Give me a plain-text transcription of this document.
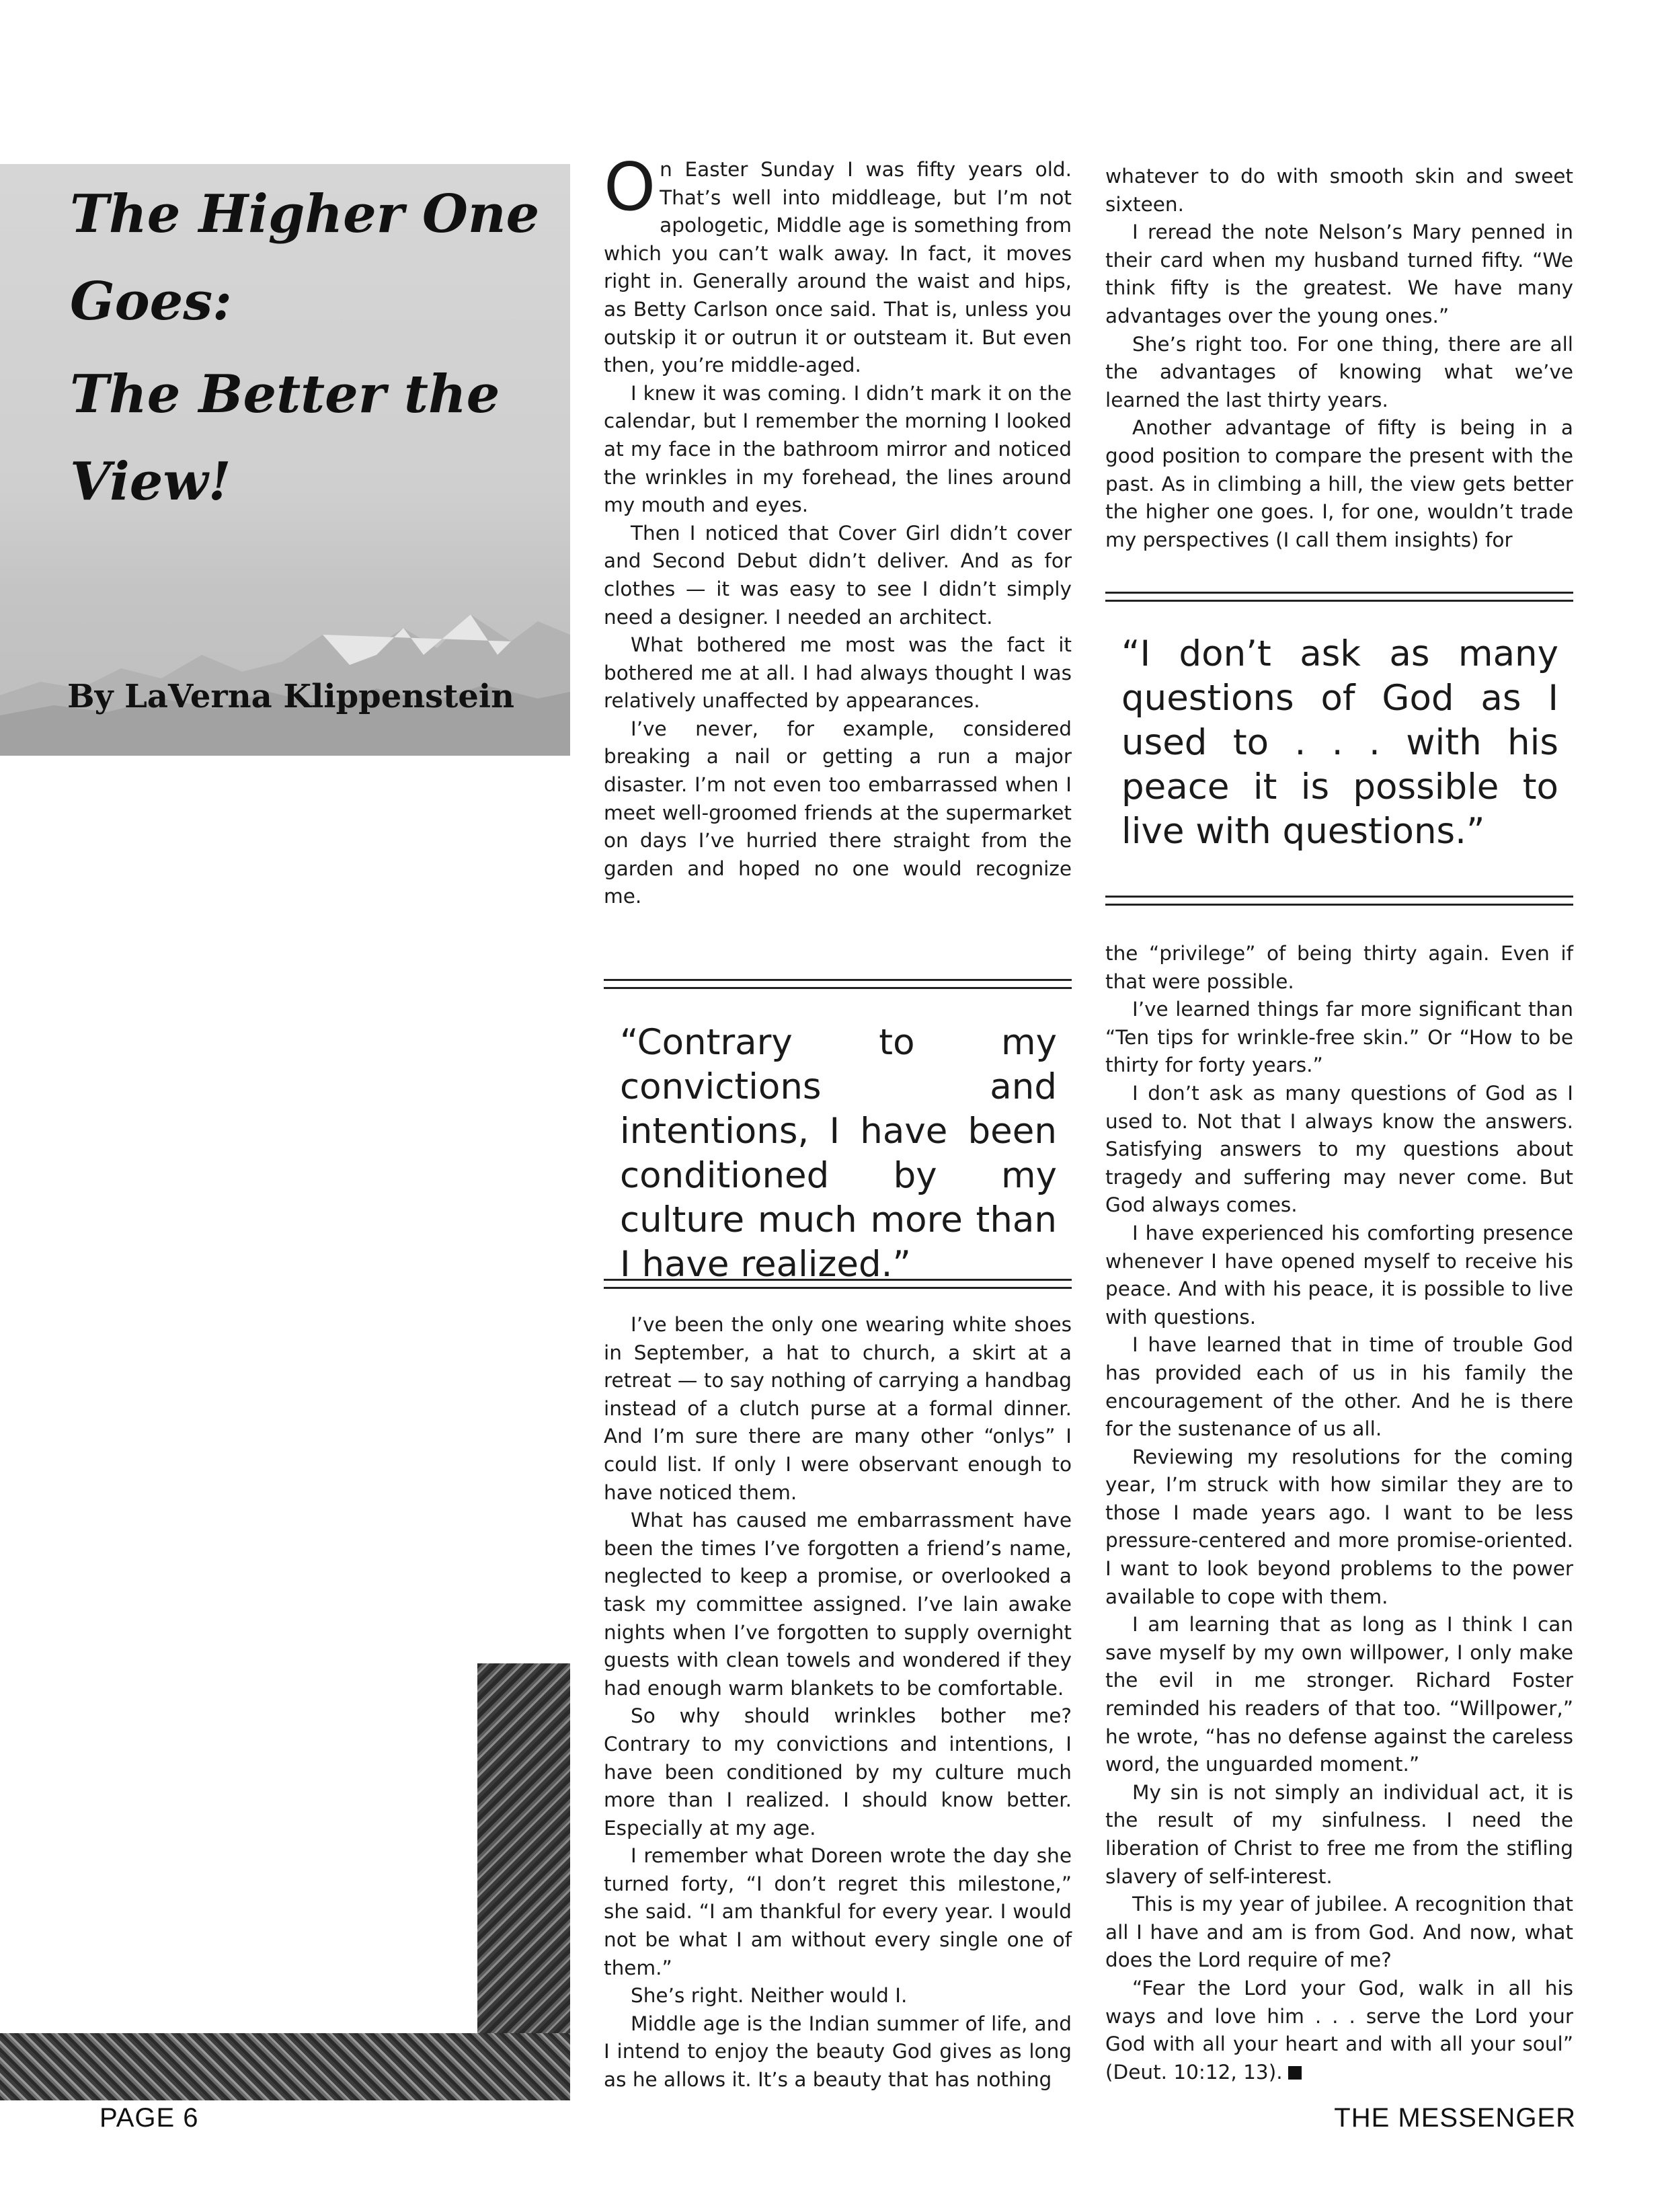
The Higher One
Goes:
The Better the
View!
By LaVerna Klippenstein
O n Easter Sunday I was fifty years old. That’s well into middleage, but I’m not apologetic, Middle age is something from which you can’t walk away. In fact, it moves right in. Generally around the waist and hips, as Betty Carlson once said. That is, unless you outskip it or outrun it or outsteam it. But even then, you’re middle-aged.

I knew it was coming. I didn’t mark it on the calendar, but I remember the morning I looked at my face in the bathroom mirror and noticed the wrinkles in my forehead, the lines around my mouth and eyes.

Then I noticed that Cover Girl didn’t cover and Second Debut didn’t deliver. And as for clothes — it was easy to see I didn’t simply need a designer. I needed an architect.

What bothered me most was the fact it bothered me at all. I had always thought I was relatively unaffected by appearances.

I’ve never, for example, considered breaking a nail or getting a run a major disaster. I’m not even too embarrassed when I meet well-groomed friends at the supermarket on days I’ve hurried there straight from the garden and hoped no one would recognize me.

“Contrary to my convictions and intentions, I have been conditioned by my culture much more than I have realized.”

I’ve been the only one wearing white shoes in September, a hat to church, a skirt at a retreat — to say nothing of carrying a handbag instead of a clutch purse at a formal dinner. And I’m sure there are many other “onlys” I could list. If only I were observant enough to have noticed them.

What has caused me embarrassment have been the times I’ve forgotten a friend’s name, neglected to keep a promise, or overlooked a task my committee assigned. I’ve lain awake nights when I’ve forgotten to supply overnight guests with clean towels and wondered if they had enough warm blankets to be comfortable.

So why should wrinkles bother me? Contrary to my convictions and intentions, I have been conditioned by my culture much more than I realized. I should know better. Especially at my age.

I remember what Doreen wrote the day she turned forty, “I don’t regret this milestone,” she said. “I am thankful for every year. I would not be what I am without every single one of them.”

She’s right. Neither would I.

Middle age is the Indian summer of life, and I intend to enjoy the beauty God gives as long as he allows it. It’s a beauty that has nothing

whatever to do with smooth skin and sweet sixteen.

I reread the note Nelson’s Mary penned in their card when my husband turned fifty. “We think fifty is the greatest. We have many advantages over the young ones.”

She’s right too. For one thing, there are all the advantages of knowing what we’ve learned the last thirty years.

Another advantage of fifty is being in a good position to compare the present with the past. As in climbing a hill, the view gets better the higher one goes. I, for one, wouldn’t trade my perspectives (I call them insights) for

“I don’t ask as many questions of God as I used to . . . with his peace it is possible to live with questions.”

the “privilege” of being thirty again. Even if that were possible.

I’ve learned things far more significant than “Ten tips for wrinkle-free skin.” Or “How to be thirty for forty years.”

I don’t ask as many questions of God as I used to. Not that I always know the answers. Satisfying answers to my questions about tragedy and suffering may never come. But God always comes.

I have experienced his comforting presence whenever I have opened myself to receive his peace. And with his peace, it is possible to live with questions.

I have learned that in time of trouble God has provided each of us in his family the encouragement of the other. And he is there for the sustenance of us all.

Reviewing my resolutions for the coming year, I’m struck with how similar they are to those I made years ago. I want to be less pressure-centered and more promise-oriented. I want to look beyond problems to the power available to cope with them.

I am learning that as long as I think I can save myself by my own willpower, I only make the evil in me stronger. Richard Foster reminded his readers of that too. “Willpower,” he wrote, “has no defense against the careless word, the unguarded moment.”

My sin is not simply an individual act, it is the result of my sinfulness. I need the liberation of Christ to free me from the stifling slavery of self-interest.

This is my year of jubilee. A recognition that all I have and am is from God. And now, what does the Lord require of me?

“Fear the Lord your God, walk in all his ways and love him . . . serve the Lord your God with all your heart and with all your soul” (Deut. 10:12, 13).

PAGE 6	THE MESSENGER
